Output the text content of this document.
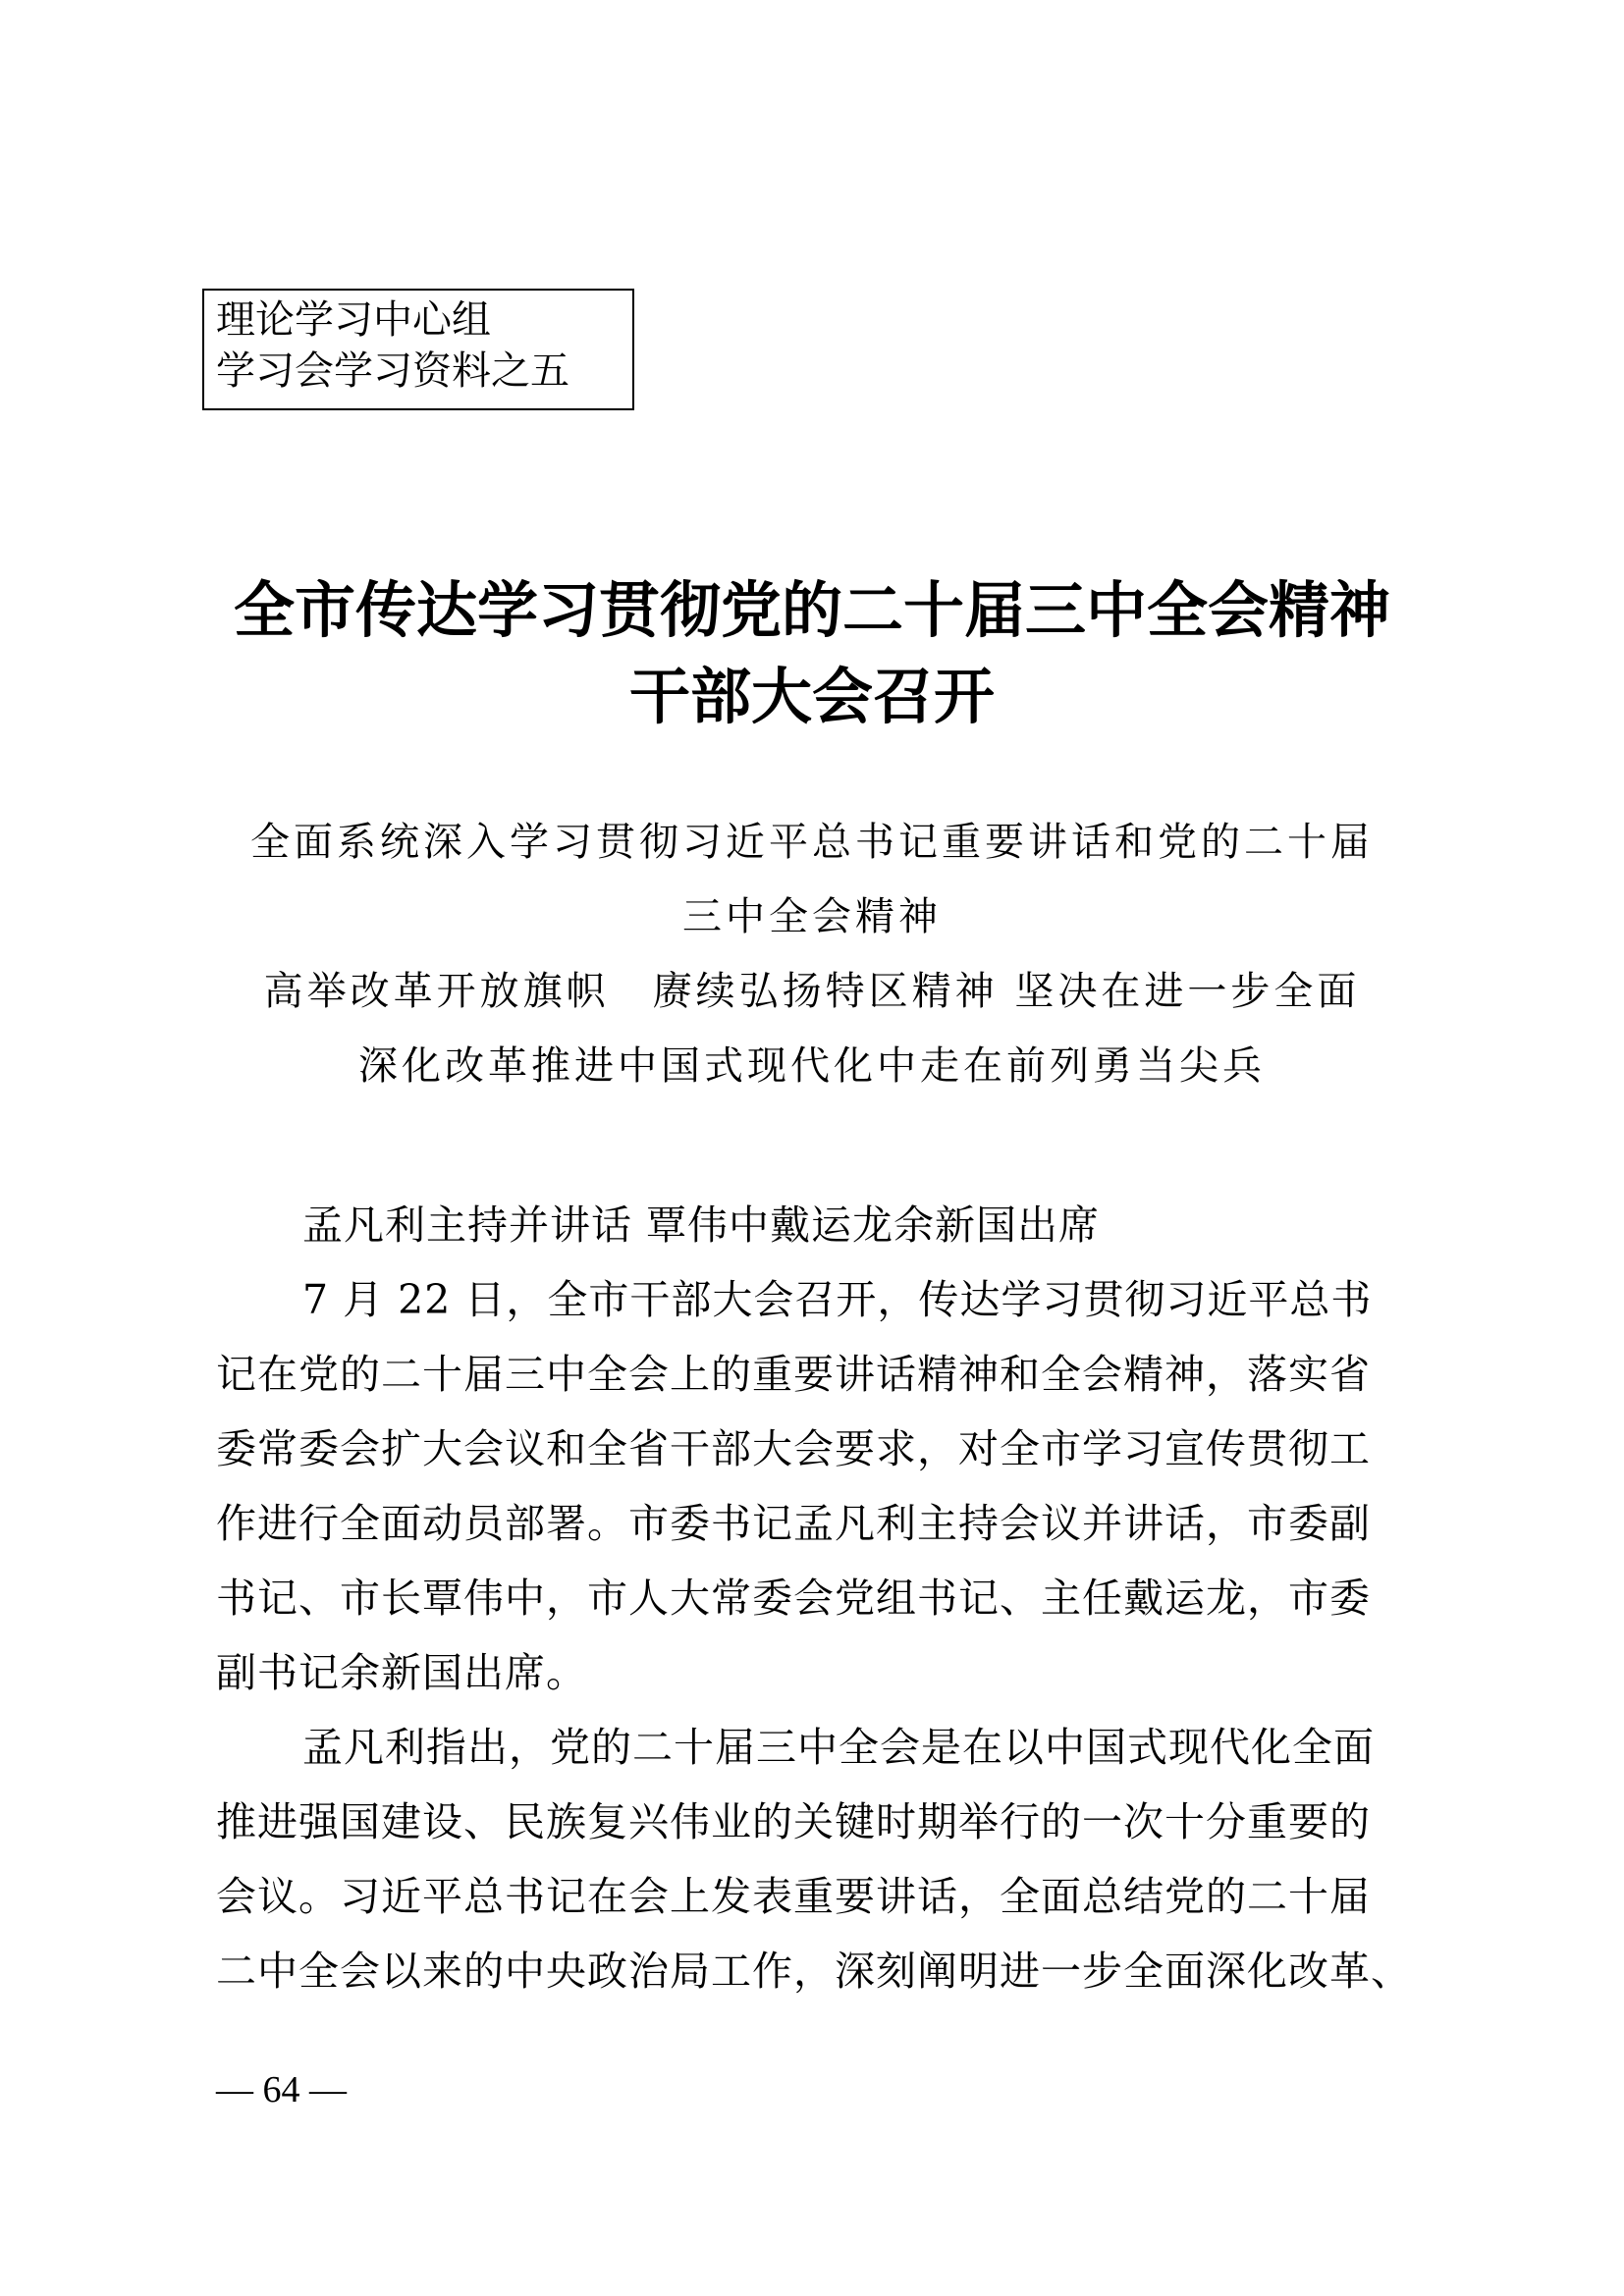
理论学习中心组
学习会学习资料之五
全市传达学习贯彻党的二十届三中全会精神
干部大会召开
全面系统深入学习贯彻习近平总书记重要讲话和党的二十届
三中全会精神
高举改革开放旗帜　赓续弘扬特区精神 坚决在进一步全面
深化改革推进中国式现代化中走在前列勇当尖兵
孟凡利主持并讲话 覃伟中戴运龙余新国出席
7 月 22 日，全市干部大会召开，传达学习贯彻习近平总书
记在党的二十届三中全会上的重要讲话精神和全会精神，落实省
委常委会扩大会议和全省干部大会要求，对全市学习宣传贯彻工
作进行全面动员部署。市委书记孟凡利主持会议并讲话，市委副
书记、市长覃伟中，市人大常委会党组书记、主任戴运龙，市委
副书记余新国出席。
孟凡利指出，党的二十届三中全会是在以中国式现代化全面
推进强国建设、民族复兴伟业的关键时期举行的一次十分重要的
会议。习近平总书记在会上发表重要讲话，全面总结党的二十届
二中全会以来的中央政治局工作，深刻阐明进一步全面深化改革、
— 64 —
